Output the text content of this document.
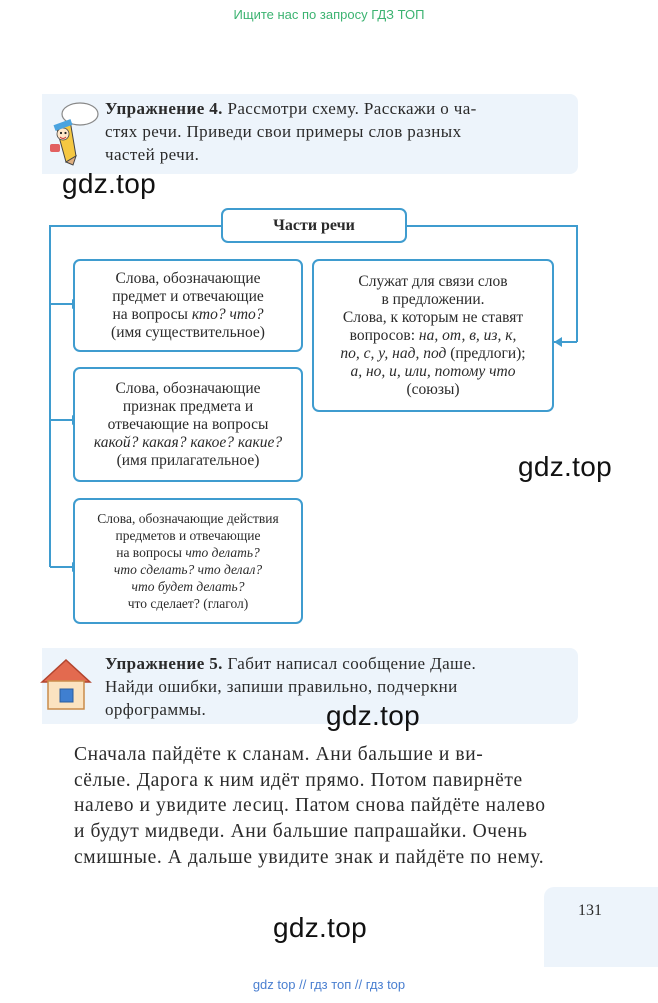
Ищите нас по запросу ГДЗ ТОП
Упражнение 4. Рассмотри схему. Расскажи о ча-
стях речи. Приведи свои примеры слов разных
частей речи.
gdz.top
Части речи
Слова, обозначающие
предмет и отвечающие
на вопросы кто? что?
(имя существительное)
Слова, обозначающие
признак предмета и
отвечающие на вопросы
какой? какая? какое? какие?
(имя прилагательное)
Слова, обозначающие действия
предметов и отвечающие
на вопросы что делать?
что сделать? что делал?
что будет делать?
что сделает? (глагол)
Служат для связи слов
в предложении.
Слова, к которым не ставят
вопросов: на, от, в, из, к,
по, с, у, над, под (предлоги);
а, но, и, или, потому что
(союзы)
gdz.top
Упражнение 5. Габит написал сообщение Даше.
Найди ошибки, запиши правильно, подчеркни
орфограммы.	gdz.top
Сначала пайдёте к сланам. Ани бальшие и ви-
сёлые. Дарога к ним идёт прямо. Потом павирнёте
налево и увидите лесиц. Патом снова пайдёте налево
и будут мидведи. Ани бальшие папрашайки. Очень
смишные. А дальше увидите знак и пайдёте по нему.
131
gdz.top
gdz top // гдз топ // гдз top
